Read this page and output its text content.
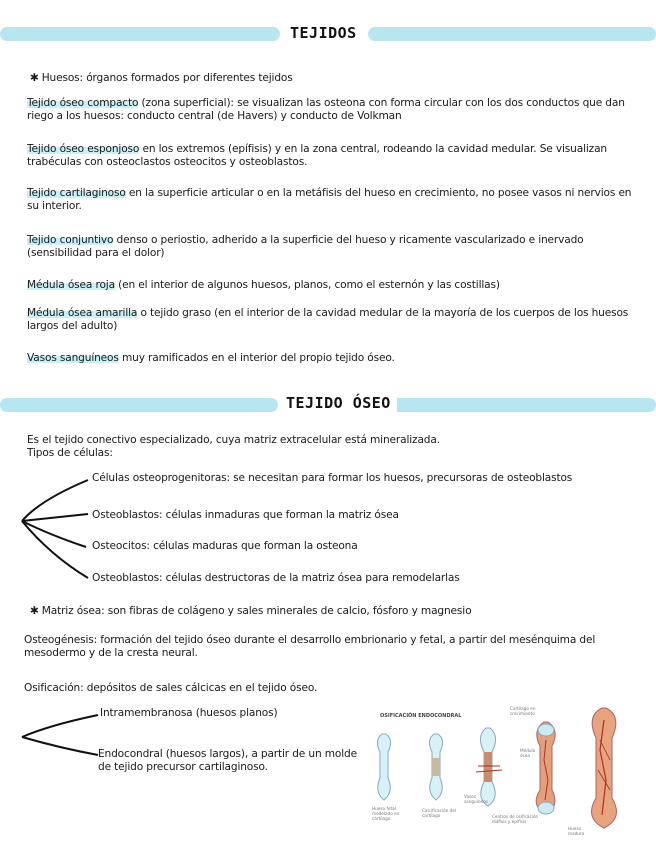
TEJIDOS
✱ Huesos: órganos formados por diferentes tejidos
Tejido óseo compacto (zona superficial): se visualizan las osteona con forma circular con los dos conductos que dan riego a los huesos: conducto central (de Havers) y conducto de Volkman
Tejido óseo esponjoso en los extremos (epífisis) y en la zona central, rodeando la cavidad medular. Se visualizan trabéculas con osteoclastos osteocitos y osteoblastos.
Tejido cartilaginoso en la superficie articular o en la metáfisis del hueso en crecimiento, no posee vasos ni nervios en su interior.
Tejido conjuntivo denso o periostio, adherido a la superficie del hueso y ricamente vascularizado e inervado (sensibilidad para el dolor)
Médula ósea roja (en el interior de algunos huesos, planos, como el esternón y las costillas)
Médula ósea amarilla o tejido graso (en el interior de la cavidad medular de la mayoría de los cuerpos de los huesos largos del adulto)
Vasos sanguíneos muy ramificados en el interior del propio tejido óseo.
TEJIDO ÓSEO
Es el tejido conectivo especializado, cuya matriz extracelular está mineralizada.
Tipos de células:
Células osteoprogenitoras: se necesitan para formar los huesos, precursoras de osteoblastos
Osteoblastos: células inmaduras que forman la matriz ósea
Osteocitos: células maduras que forman la osteona
Osteoblastos: células destructoras de la matriz ósea para remodelarlas
✱ Matriz ósea: son fibras de colágeno y sales minerales de calcio, fósforo y magnesio
Osteogénesis: formación del tejido óseo durante el desarrollo embrionario y fetal, a partir del mesénquima del mesodermo y de la cresta neural.
Osificación: depósitos de sales cálcicas en el tejido óseo.
Intramembranosa (huesos planos)
Endocondral (huesos largos), a partir de un molde de tejido precursor cartilaginoso.
OSIFICACIÓN ENDOCONDRAL
Cartílago en crecimiento
Médula ósea
Hueso fetal modelado en cartílago
Calcificación del cartílago
Vasos sanguíneos
Centros de osificación diáfisis y epífisis
Hueso maduro
